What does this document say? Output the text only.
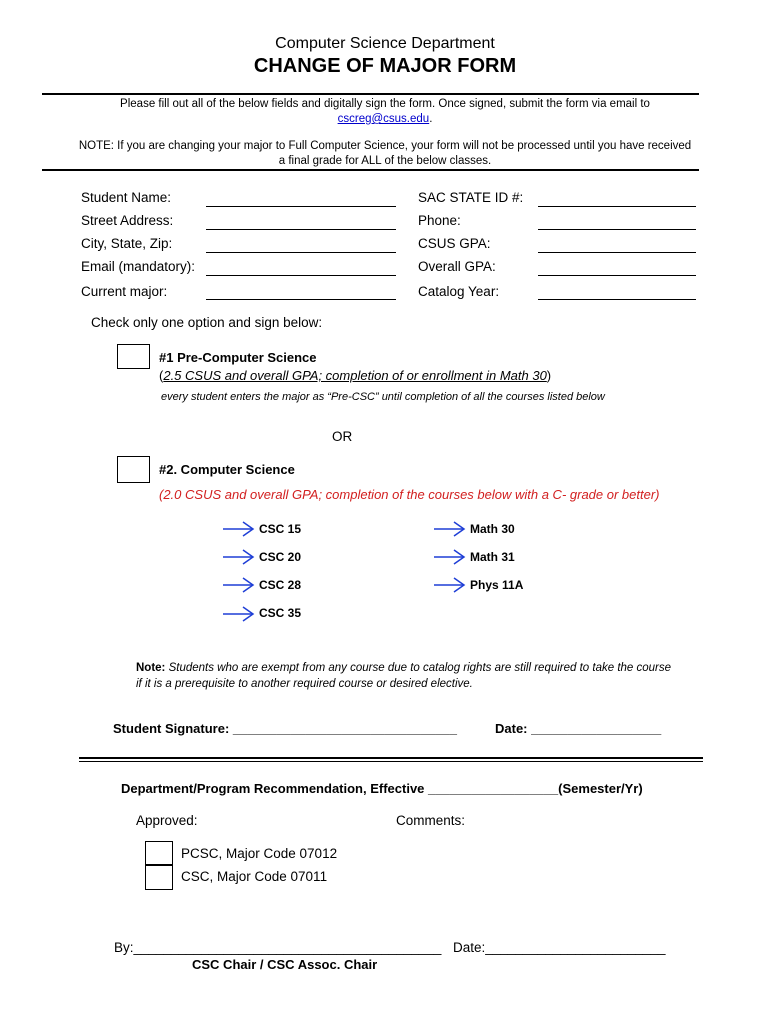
Computer Science Department
CHANGE OF MAJOR FORM
Please fill out all of the below fields and digitally sign the form. Once signed, submit the form via email to
cscreg@csus.edu.
NOTE: If you are changing your major to Full Computer Science, your form will not be processed until you have received
a final grade for ALL of the below classes.
Student Name:
Street Address:
City, State, Zip:
Email (mandatory):
Current major:
SAC STATE ID #:
Phone:
CSUS GPA:
Overall GPA:
Catalog Year:
Check only one option and sign below:
#1 Pre-Computer Science
(2.5 CSUS and overall GPA; completion of or enrollment in Math 30)
every student enters the major as “Pre-CSC” until completion of all the courses listed below
OR
#2. Computer Science
(2.0 CSUS and overall GPA; completion of the courses below with a C- grade or better)
CSC 15
CSC 20
CSC 28
CSC 35
Math 30
Math 31
Phys 11A
Note: Students who are exempt from any course due to catalog rights are still required to take the course
if it is a prerequisite to another required course or desired elective.
Student Signature: _______________________________	Date: __________________
Department/Program Recommendation, Effective __________________(Semester/Yr)
Approved:	Comments:
PCSC, Major Code 07012
CSC, Major Code 07011
By:_________________________________________ Date:________________________
CSC Chair / CSC Assoc. Chair
